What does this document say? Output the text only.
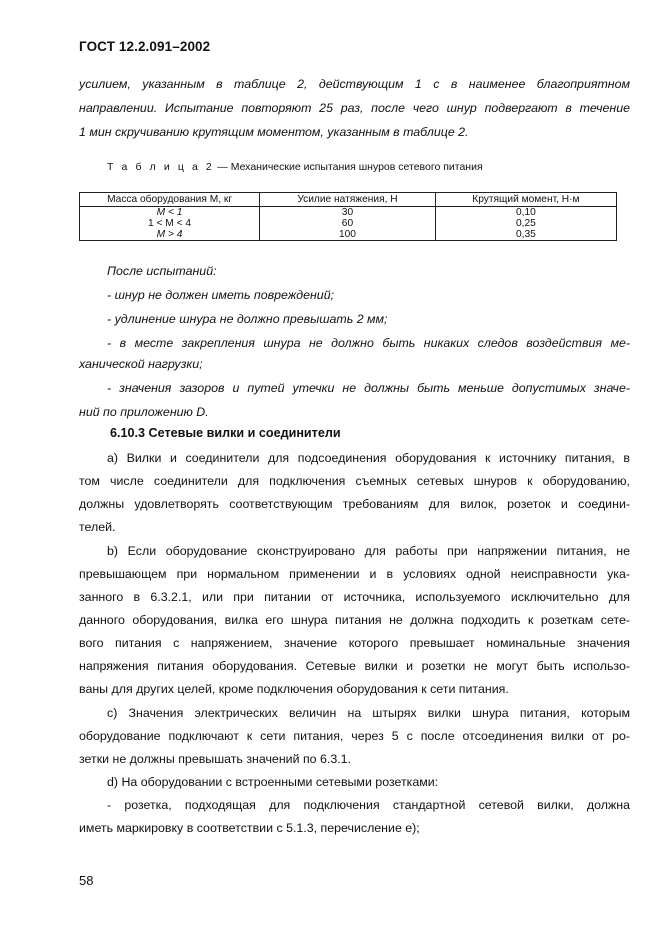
ГОСТ 12.2.091–2002
усилием, указанным в таблице 2, действующим 1 с в наименее благоприятном
направлении. Испытание повторяют 25 раз, после чего шнур подвергают в течение
1 мин скручиванию крутящим моментом, указанным в таблице 2.
Т а б л и ц а 2 — Механические испытания шнуров сетевого питания
Масса оборудования М, кг	Усилие натяжения, Н	Крутящий момент, Н·м
М < 1	30	0,10
1 < М < 4	60	0,25
М > 4	100	0,35
После испытаний:
- шнур не должен иметь повреждений;
- удлинение шнура не должно превышать 2 мм;
- в месте закрепления шнура не должно быть никаких следов воздействия ме-
ханической нагрузки;
- значения зазоров и путей утечки не должны быть меньше допустимых значе-
ний по приложению D.
6.10.3 Сетевые вилки и соединители
а) Вилки и соединители для подсоединения оборудования к источнику питания, в
том числе соединители для подключения съемных сетевых шнуров к оборудованию,
должны удовлетворять соответствующим требованиям для вилок, розеток и соедини-
телей.
b) Если оборудование сконструировано для работы при напряжении питания, не
превышающем при нормальном применении и в условиях одной неисправности ука-
занного в 6.3.2.1, или при питании от источника, используемого исключительно для
данного оборудования, вилка его шнура питания не должна подходить к розеткам сете-
вого питания с напряжением, значение которого превышает номинальные значения
напряжения питания оборудования. Сетевые вилки и розетки не могут быть использо-
ваны для других целей, кроме подключения оборудования к сети питания.
c) Значения электрических величин на штырях вилки шнура питания, которым
оборудование подключают к сети питания, через 5 с после отсоединения вилки от ро-
зетки не должны превышать значений по 6.3.1.
d) На оборудовании с встроенными сетевыми розетками:
- розетка, подходящая для подключения стандартной сетевой вилки, должна
иметь маркировку в соответствии с 5.1.3, перечисление е);
58
